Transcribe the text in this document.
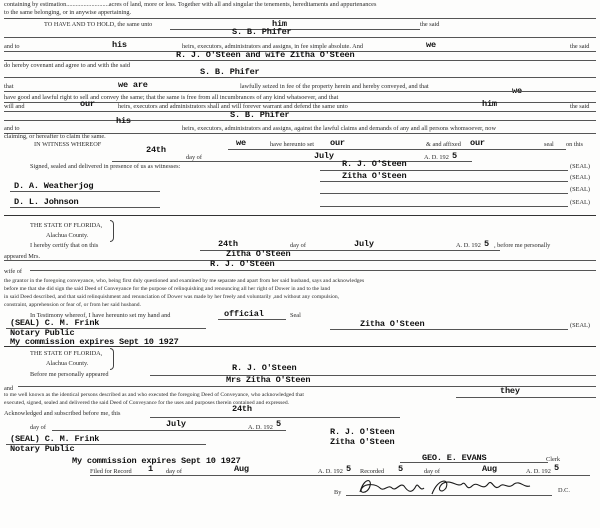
containing by estimation...........................acres of land, more or less. Together with all and singular the tenements, hereditaments and appurtenances
to the same belonging, or in anywise appertaining.
TO HAVE AND TO HOLD, the same unto	him	the said
S. B. Phifer
and to	his	heirs, executors, administrators and assigns, in fee simple absolute. And	we	the said
R. J. O'Steen and wife Zitha O'Steen
do hereby covenant and agree to and with the said
S. B. Phifer
that	we are	lawfully seized in fee of the property herein and hereby conveyed, and that	we
have good and lawful right to sell and convey the same; that the same is free from all incumbrances of any kind whatsoever, and that
will and	our	heirs, executors and administrators shall and will forever warrant and defend the same unto	him	the said
S. B. Phifer
his
and to	heirs, executors, administrators and assigns, against the lawful claims and demands of any and all persons whomsoever, now
claiming, or hereafter to claim the same.
IN WITNESS WHEREOF	we	have hereunto set our	& and affixed our	seal on this
24th
day of	July	A. D. 192 5
Signed, sealed and delivered in presence of us as witnesses:	R. J. O'Steen	(SEAL)
Zitha O'Steen	(SEAL)
D. A. Weatherjog	(SEAL)
D. L. Johnson	(SEAL)
THE STATE OF FLORIDA,
Alachua County.
I hereby certify that on this	24th	day of	July	A. D. 192 5 , before me personally
appeared Mrs.	Zitha O'Steen
R. J. O'Steen
wife of
the grantor in the foregoing conveyance, who, being first duly questioned and examined by me separate and apart from her said husband, says and acknowledges
before me that she did sign the said Deed of Conveyance for the purpose of relinquishing and renouncing all her right of Dower in and to the land
in said Deed described, and that said relinquishment and renunciation of Dower was made by her freely and voluntarily ,and without any compulsion,
constraint, apprehension or fear of, or from her said husband.
In Testimony whereof, I have hereunto set my hand and	official	Seal
(SEAL) C. M. Frink	Zitha O'Steen	(SEAL)
Notary Public
My commission expires Sept 10 1927
THE STATE OF FLORIDA,
Alachua County.
Before me personally appeared
R. J. O'Steen
Mrs Zitha O'Steen
and
to me well known as the identical persons described as and who executed the foregoing Deed of Conveyance, who acknowledged that	they
executed, signed, sealed and delivered the said Deed of Conveyance for the uses and purposes therein contained and expressed.
24th
Acknowledged and subscribed before me, this
day of	July	A. D. 192 5
(SEAL) C. M. Frink
R. J. O'Steen
Zitha O'Steen
Notary Public
My commission expires Sept 10 1927
Filed for Record 1 day of	Aug	A. D. 192 5 Recorded 5	day of	Aug	A. D. 192 5
GEO. E. EVANS	Clerk
By	D.C.
